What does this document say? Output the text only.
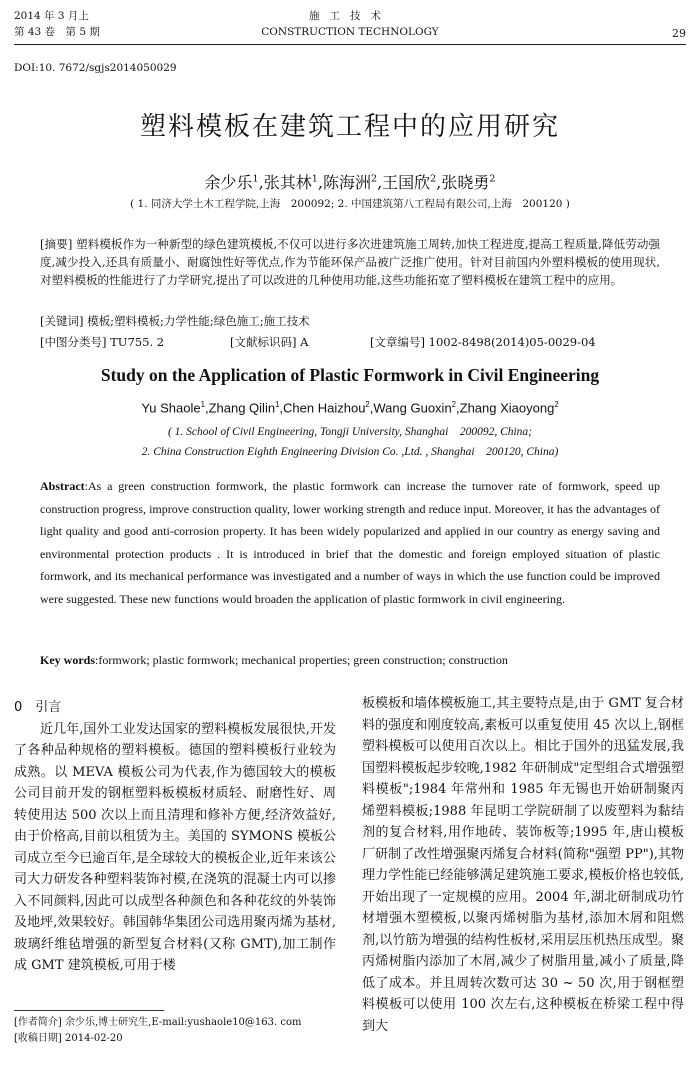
2014 年 3 月上
第 43 卷　第 5 期
施工技术
CONSTRUCTION TECHNOLOGY	29
DOI:10. 7672/sgjs2014050029
塑料模板在建筑工程中的应用研究
余少乐$^1$,张其林$^1$,陈海洲$^2$,王国欣$^2$,张晓勇$^2$
( 1. 同济大学土木工程学院,上海　200092; 2. 中国建筑第八工程局有限公司,上海　200120 )
[摘要] 塑料模板作为一种新型的绿色建筑模板,不仅可以进行多次进建筑施工周转,加快工程进度,提高工程质量,降低劳动强度,减少投入,还具有质量小、耐腐蚀性好等优点,作为节能环保产品被广泛推广使用。针对目前国内外塑料模板的使用现状,对塑料模板的性能进行了力学研究,提出了可以改进的几种使用功能,这些功能拓宽了塑料模板在建筑工程中的应用。
[关键词] 模板;塑料模板;力学性能;绿色施工;施工技术
[中图分类号] TU755. 2	[文献标识码] A	[文章编号] 1002-8498(2014)05-0029-04
Study on the Application of Plastic Formwork in Civil Engineering
Yu Shaole$^1$,Zhang Qilin$^1$,Chen Haizhou$^2$,Wang Guoxin$^2$,Zhang Xiaoyong$^2$
( 1. School of Civil Engineering, Tongji University, Shanghai　200092, China;
2. China Construction Eighth Engineering Division Co. ,Ltd. , Shanghai　200120, China)
Abstract:As a green construction formwork, the plastic formwork can increase the turnover rate of formwork, speed up construction progress, improve construction quality, lower working strength and reduce input. Moreover, it has the advantages of light quality and good anti-corrosion property. It has been widely popularized and applied in our country as energy saving and environmental protection products . It is introduced in brief that the domestic and foreign employed situation of plastic formwork, and its mechanical performance was investigated and a number of ways in which the use function could be improved were suggested. These new functions would broaden the application of plastic formwork in civil engineering.
Key words:formwork; plastic formwork; mechanical properties; green construction; construction
0　引言
近几年,国外工业发达国家的塑料模板发展很快,开发了各种品种规格的塑料模板。德国的塑料模板行业较为成熟。以 MEVA 模板公司为代表,作为德国较大的模板公司目前开发的钢框塑料板模板材质轻、耐磨性好、周转使用达 500 次以上而且清理和修补方便,经济效益好,由于价格高,目前以租赁为主。美国的 SYMONS 模板公司成立至今已逾百年,是全球较大的模板企业,近年来该公司大力研发各种塑料装饰衬模,在浇筑的混凝土内可以掺入不同颜料,因此可以成型各种颜色和各种花纹的外装饰及地坪,效果较好。韩国韩华集团公司选用聚丙烯为基材,玻璃纤维毡增强的新型复合材料(又称 GMT),加工制作成 GMT 建筑模板,可用于楼
板模板和墙体模板施工,其主要特点是,由于 GMT 复合材料的强度和刚度较高,素板可以重复使用 45 次以上,钢框塑料模板可以使用百次以上。相比于国外的迅猛发展,我国塑料模板起步较晚,1982 年研制成"定型组合式增强塑料模板";1984 年常州和 1985 年无锡也开始研制聚丙烯塑料模板;1988 年昆明工学院研制了以废塑料为黏结剂的复合材料,用作地砖、装饰板等;1995 年,唐山模板厂研制了改性增强聚丙烯复合材料(简称"强塑 PP"),其物理力学性能已经能够满足建筑施工要求,模板价格也较低,开始出现了一定规模的应用。2004 年,湖北研制成功竹材增强木塑模板,以聚丙烯树脂为基材,添加木屑和阻燃剂,以竹筋为增强的结构性板材,采用层压机热压成型。聚丙烯树脂内添加了木屑,减少了树脂用量,减小了质量,降低了成本。并且周转次数可达 30 ~ 50 次,用于钢框塑料模板可以使用 100 次左右,这种模板在桥梁工程中得到大
[作者简介] 余少乐,博士研究生,E-mail:yushaole10@163. com
[收稿日期] 2014-02-20
